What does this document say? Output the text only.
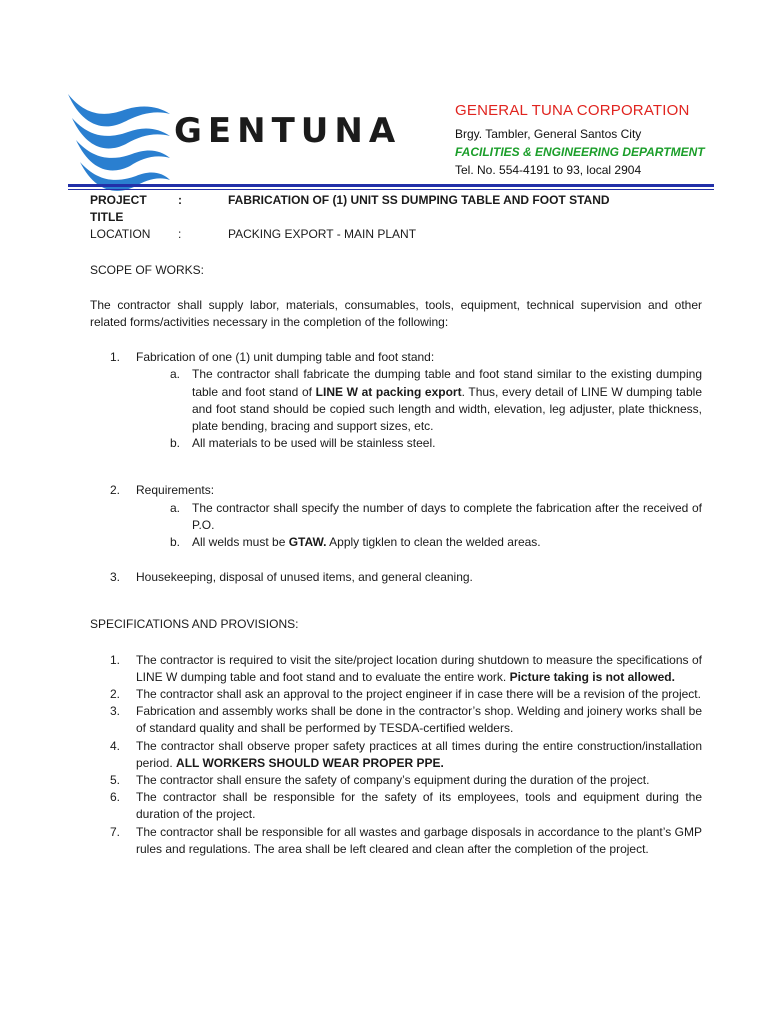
GENTUNA
GENERAL TUNA CORPORATION
Brgy. Tambler, General Santos City
FACILITIES & ENGINEERING DEPARTMENT
Tel. No. 554-4191 to 93, local 2904
PROJECT TITLE
:	FABRICATION OF (1) UNIT SS DUMPING TABLE AND FOOT STAND
LOCATION	:	PACKING EXPORT - MAIN PLANT
SCOPE OF WORKS:
The contractor shall supply labor, materials, consumables, tools, equipment, technical supervision and other related forms/activities necessary in the completion of the following:
1.	Fabrication of one (1) unit dumping table and foot stand:
a.	The contractor shall fabricate the dumping table and foot stand similar to the existing dumping table and foot stand of LINE W at packing export. Thus, every detail of LINE W dumping table and foot stand should be copied such length and width, elevation, leg adjuster, plate thickness, plate bending, bracing and support sizes, etc.
b.	All materials to be used will be stainless steel.
2.	Requirements:
a.	The contractor shall specify the number of days to complete the fabrication after the received of P.O.
b.	All welds must be GTAW. Apply tigklen to clean the welded areas.
3.	Housekeeping, disposal of unused items, and general cleaning.
SPECIFICATIONS AND PROVISIONS:
1.	The contractor is required to visit the site/project location during shutdown to measure the specifications of LINE W dumping table and foot stand and to evaluate the entire work. Picture taking is not allowed.
2.	The contractor shall ask an approval to the project engineer if in case there will be a revision of the project.
3.	Fabrication and assembly works shall be done in the contractor’s shop. Welding and joinery works shall be of standard quality and shall be performed by TESDA-certified welders.
4.	The contractor shall observe proper safety practices at all times during the entire construction/installation period. ALL WORKERS SHOULD WEAR PROPER PPE.
5.	The contractor shall ensure the safety of company’s equipment during the duration of the project.
6.	The contractor shall be responsible for the safety of its employees, tools and equipment during the duration of the project.
7.	The contractor shall be responsible for all wastes and garbage disposals in accordance to the plant’s GMP rules and regulations. The area shall be left cleared and clean after the completion of the project.
